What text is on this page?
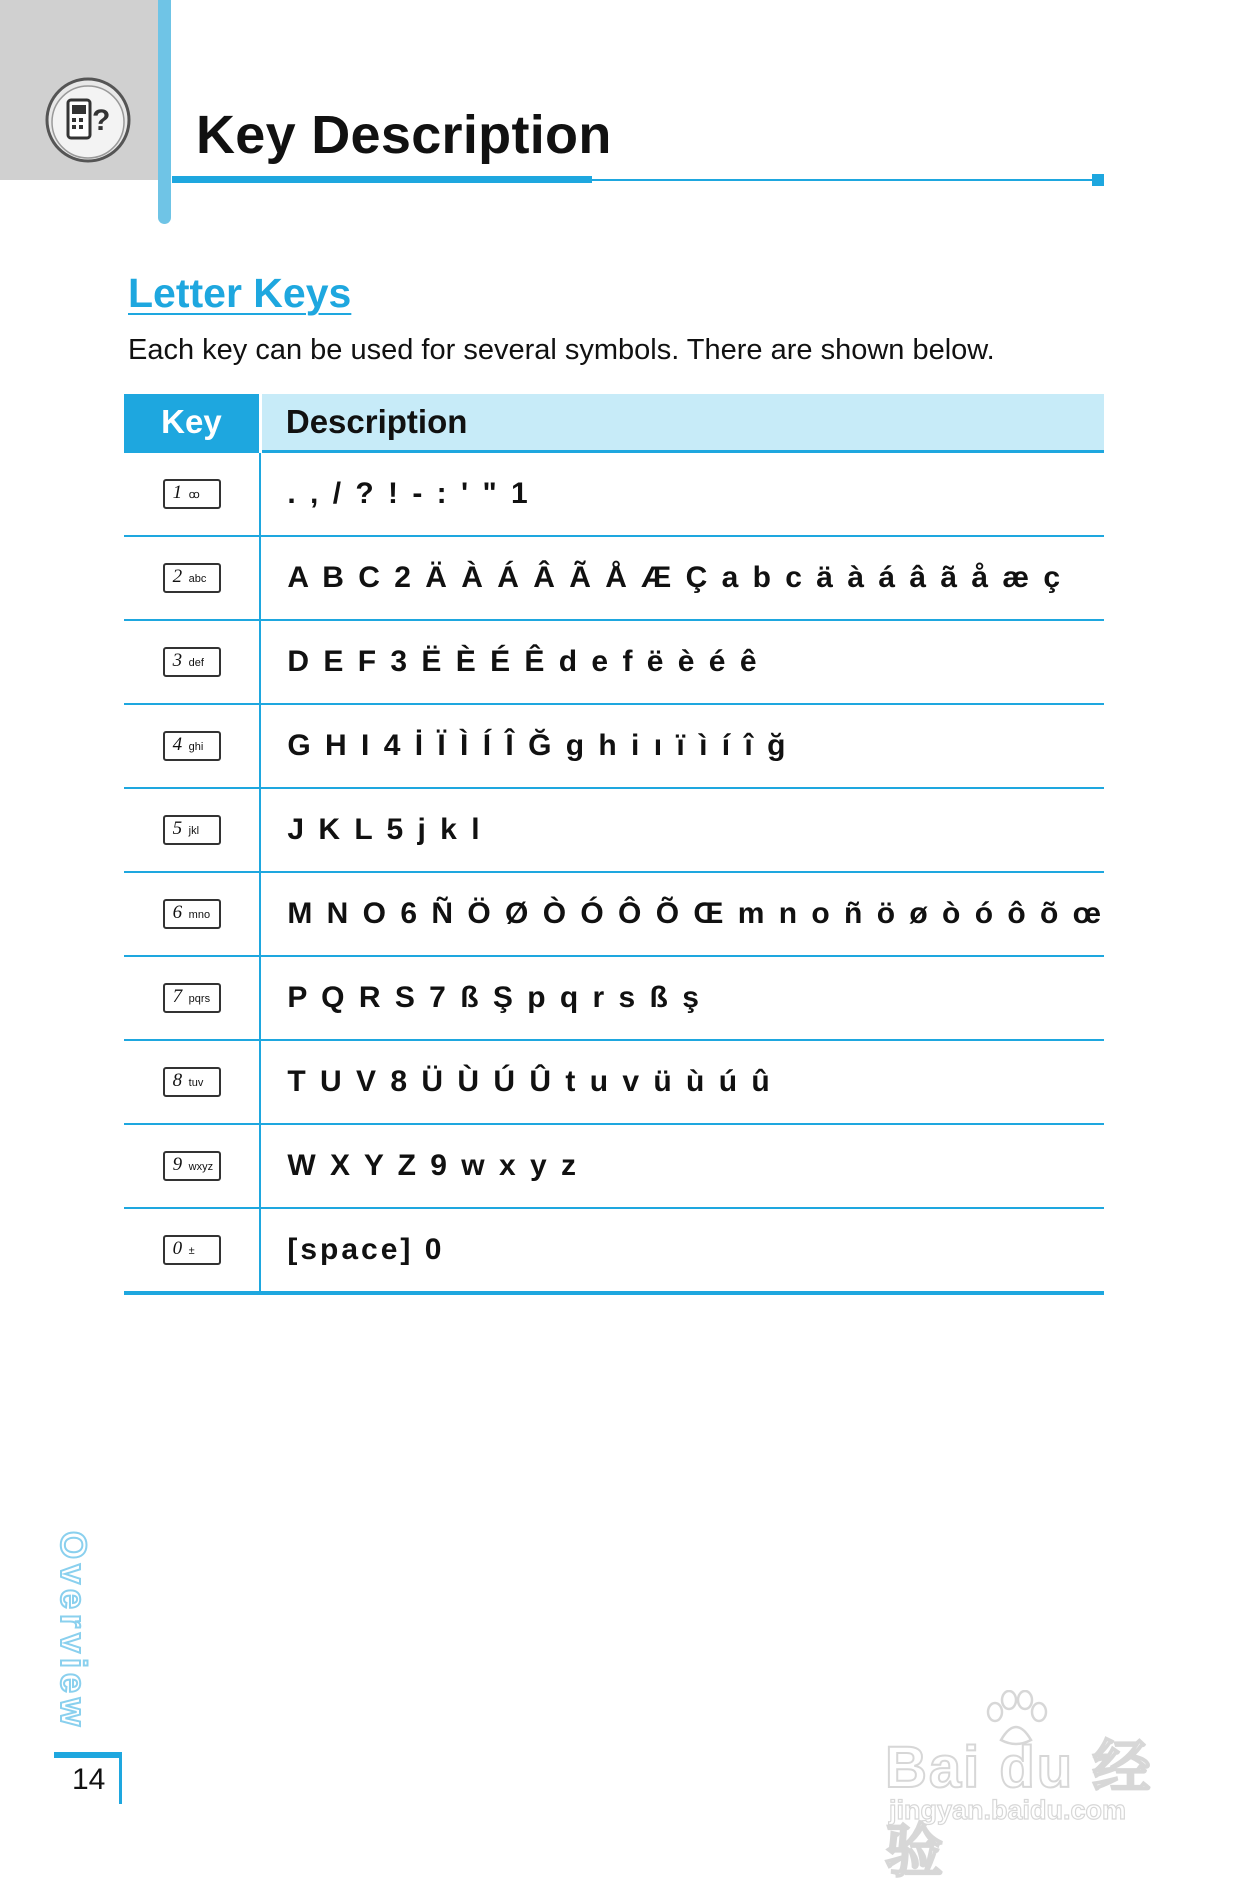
? Key Description
Letter Keys

Each key can be used for several symbols. There are shown below.

Key	Description

1 ꝏ	. , / ? ! - : ' " 1

2 abc	A B C 2 Ä À Á Â Ã Å Æ Ç a b c ä à á â ã å æ ç

3 def	D E F 3 Ë È É Ê d e f ë è é ê

4 ghi	G H I 4 İ Ï Ì Í Î Ğ g h i ı ï ì í î ğ

5 jkl	J K L 5 j k l

6 mno	M N O 6 Ñ Ö Ø Ò Ó Ô Õ Œ m n o ñ ö ø ò ó ô õ œ

7 pqrs	P Q R S 7 ß Ş p q r s ß ş

8 tuv	T U V 8 Ü Ù Ú Û t u v ü ù ú û

9 wxyz	W X Y Z 9 w x y z

0 ±	[space] 0
Overview

14	Bai du 经验
jingyan.baidu.com
